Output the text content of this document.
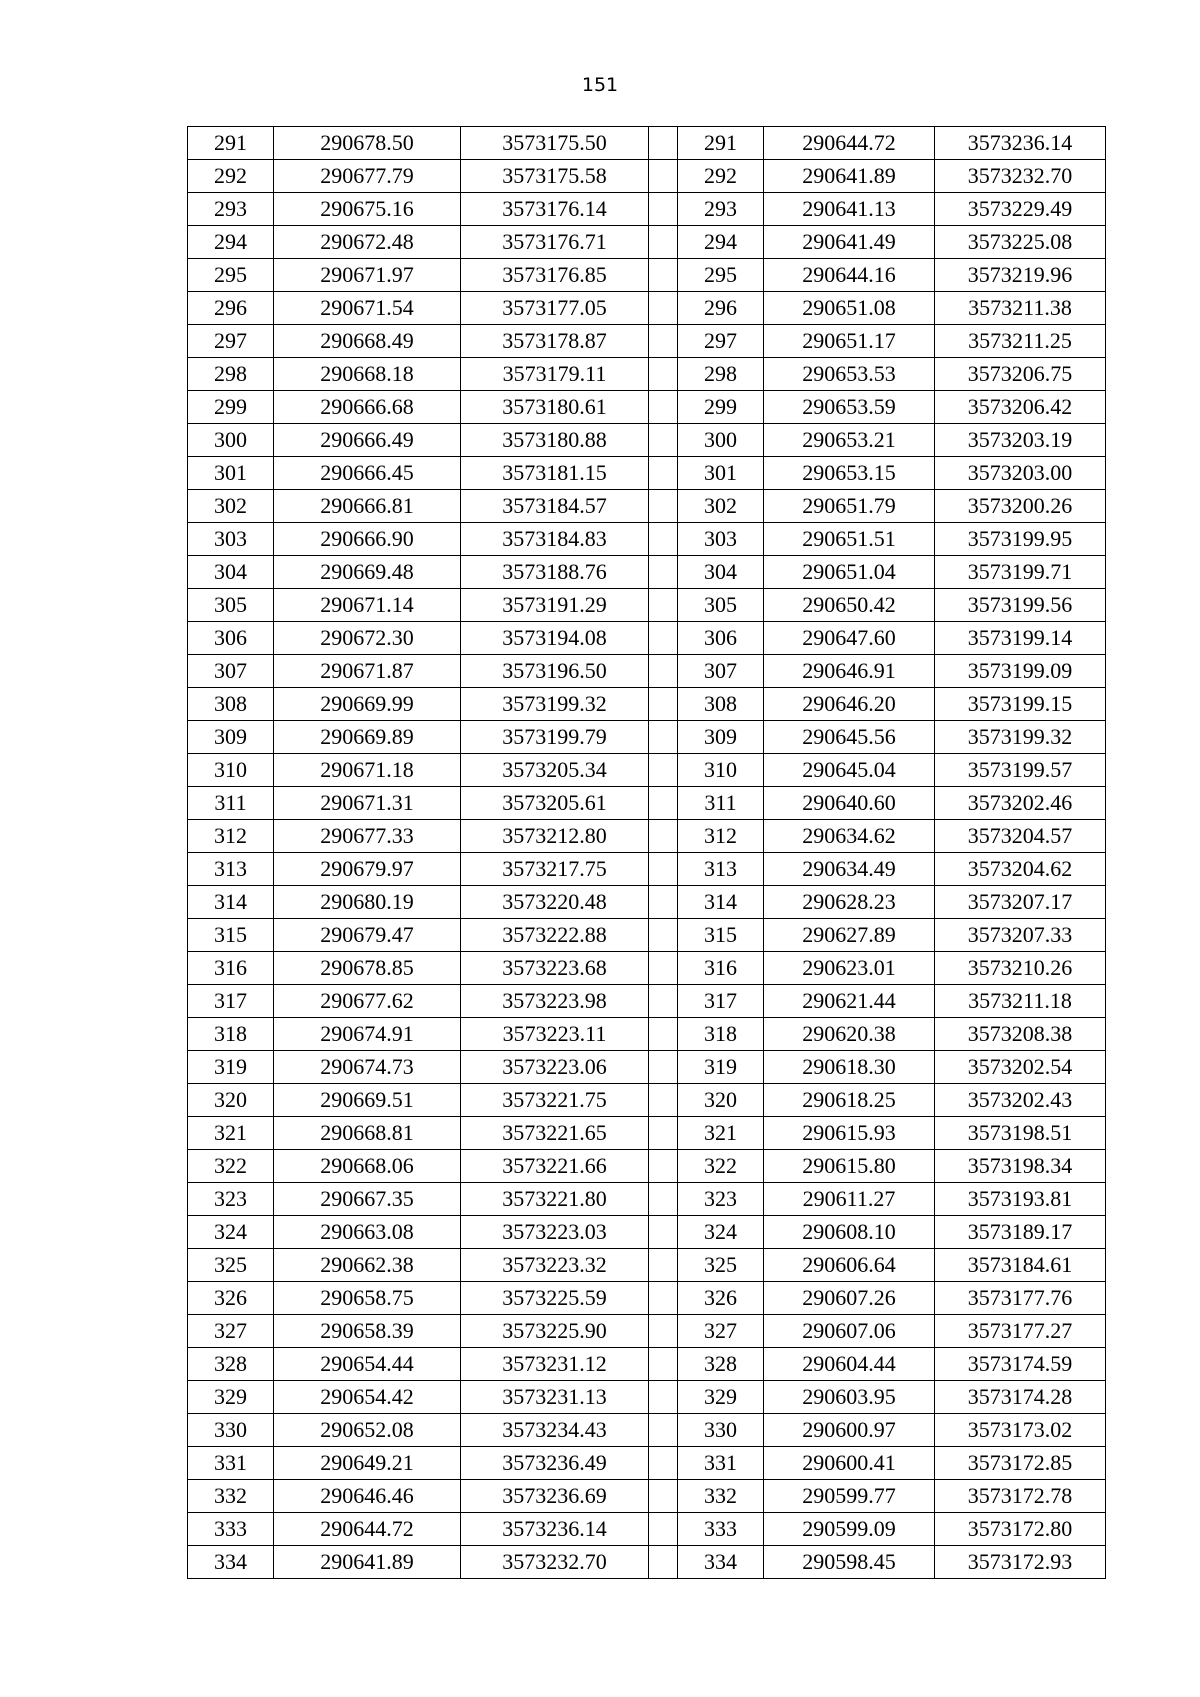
151
291	290678.50	3573175.50		291	290644.72	3573236.14
292	290677.79	3573175.58		292	290641.89	3573232.70
293	290675.16	3573176.14		293	290641.13	3573229.49
294	290672.48	3573176.71		294	290641.49	3573225.08
295	290671.97	3573176.85		295	290644.16	3573219.96
296	290671.54	3573177.05		296	290651.08	3573211.38
297	290668.49	3573178.87		297	290651.17	3573211.25
298	290668.18	3573179.11		298	290653.53	3573206.75
299	290666.68	3573180.61		299	290653.59	3573206.42
300	290666.49	3573180.88		300	290653.21	3573203.19
301	290666.45	3573181.15		301	290653.15	3573203.00
302	290666.81	3573184.57		302	290651.79	3573200.26
303	290666.90	3573184.83		303	290651.51	3573199.95
304	290669.48	3573188.76		304	290651.04	3573199.71
305	290671.14	3573191.29		305	290650.42	3573199.56
306	290672.30	3573194.08		306	290647.60	3573199.14
307	290671.87	3573196.50		307	290646.91	3573199.09
308	290669.99	3573199.32		308	290646.20	3573199.15
309	290669.89	3573199.79		309	290645.56	3573199.32
310	290671.18	3573205.34		310	290645.04	3573199.57
311	290671.31	3573205.61		311	290640.60	3573202.46
312	290677.33	3573212.80		312	290634.62	3573204.57
313	290679.97	3573217.75		313	290634.49	3573204.62
314	290680.19	3573220.48		314	290628.23	3573207.17
315	290679.47	3573222.88		315	290627.89	3573207.33
316	290678.85	3573223.68		316	290623.01	3573210.26
317	290677.62	3573223.98		317	290621.44	3573211.18
318	290674.91	3573223.11		318	290620.38	3573208.38
319	290674.73	3573223.06		319	290618.30	3573202.54
320	290669.51	3573221.75		320	290618.25	3573202.43
321	290668.81	3573221.65		321	290615.93	3573198.51
322	290668.06	3573221.66		322	290615.80	3573198.34
323	290667.35	3573221.80		323	290611.27	3573193.81
324	290663.08	3573223.03		324	290608.10	3573189.17
325	290662.38	3573223.32		325	290606.64	3573184.61
326	290658.75	3573225.59		326	290607.26	3573177.76
327	290658.39	3573225.90		327	290607.06	3573177.27
328	290654.44	3573231.12		328	290604.44	3573174.59
329	290654.42	3573231.13		329	290603.95	3573174.28
330	290652.08	3573234.43		330	290600.97	3573173.02
331	290649.21	3573236.49		331	290600.41	3573172.85
332	290646.46	3573236.69		332	290599.77	3573172.78
333	290644.72	3573236.14		333	290599.09	3573172.80
334	290641.89	3573232.70		334	290598.45	3573172.93
